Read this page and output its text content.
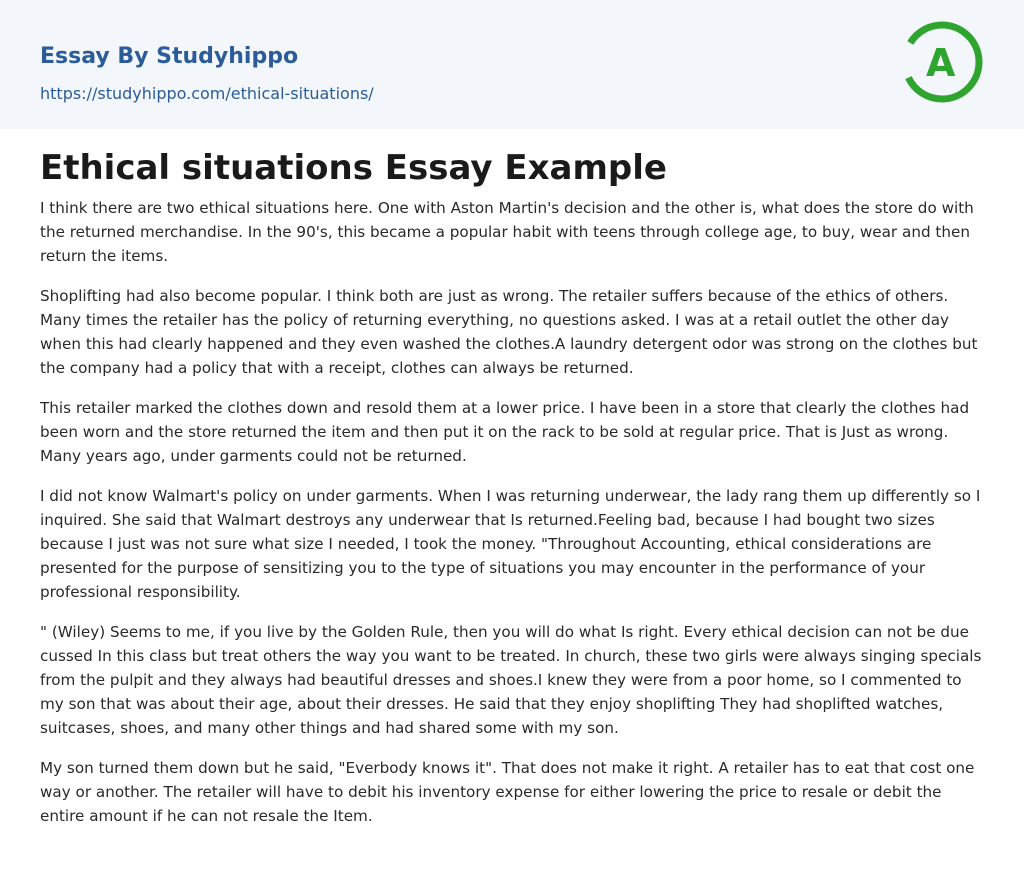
Essay By Studyhippo
https://studyhippo.com/ethical-situations/
A
Ethical situations Essay Example

I think there are two ethical situations here. One with Aston Martin's decision and the other is, what does the store do with the returned merchandise. In the 90's, this became a popular habit with teens through college age, to buy, wear and then return the items.

Shoplifting had also become popular. I think both are just as wrong. The retailer suffers because of the ethics of others. Many times the retailer has the policy of returning everything, no questions asked. I was at a retail outlet the other day when this had clearly happened and they even washed the clothes.A laundry detergent odor was strong on the clothes but the company had a policy that with a receipt, clothes can always be returned.

This retailer marked the clothes down and resold them at a lower price. I have been in a store that clearly the clothes had been worn and the store returned the item and then put it on the rack to be sold at regular price. That is Just as wrong. Many years ago, under garments could not be returned.

I did not know Walmart's policy on under garments. When I was returning underwear, the lady rang them up differently so I inquired. She said that Walmart destroys any underwear that Is returned.Feeling bad, because I had bought two sizes because I just was not sure what size I needed, I took the money. "Throughout Accounting, ethical considerations are presented for the purpose of sensitizing you to the type of situations you may encounter in the performance of your professional responsibility.

" (Wiley) Seems to me, if you live by the Golden Rule, then you will do what Is right. Every ethical decision can not be due cussed In this class but treat others the way you want to be treated. In church, these two girls were always singing specials from the pulpit and they always had beautiful dresses and shoes.I knew they were from a poor home, so I commented to my son that was about their age, about their dresses. He said that they enjoy shoplifting They had shoplifted watches, suitcases, shoes, and many other things and had shared some with my son.

My son turned them down but he said, "Everbody knows it". That does not make it right. A retailer has to eat that cost one way or another. The retailer will have to debit his inventory expense for either lowering the price to resale or debit the entire amount if he can not resale the Item.
